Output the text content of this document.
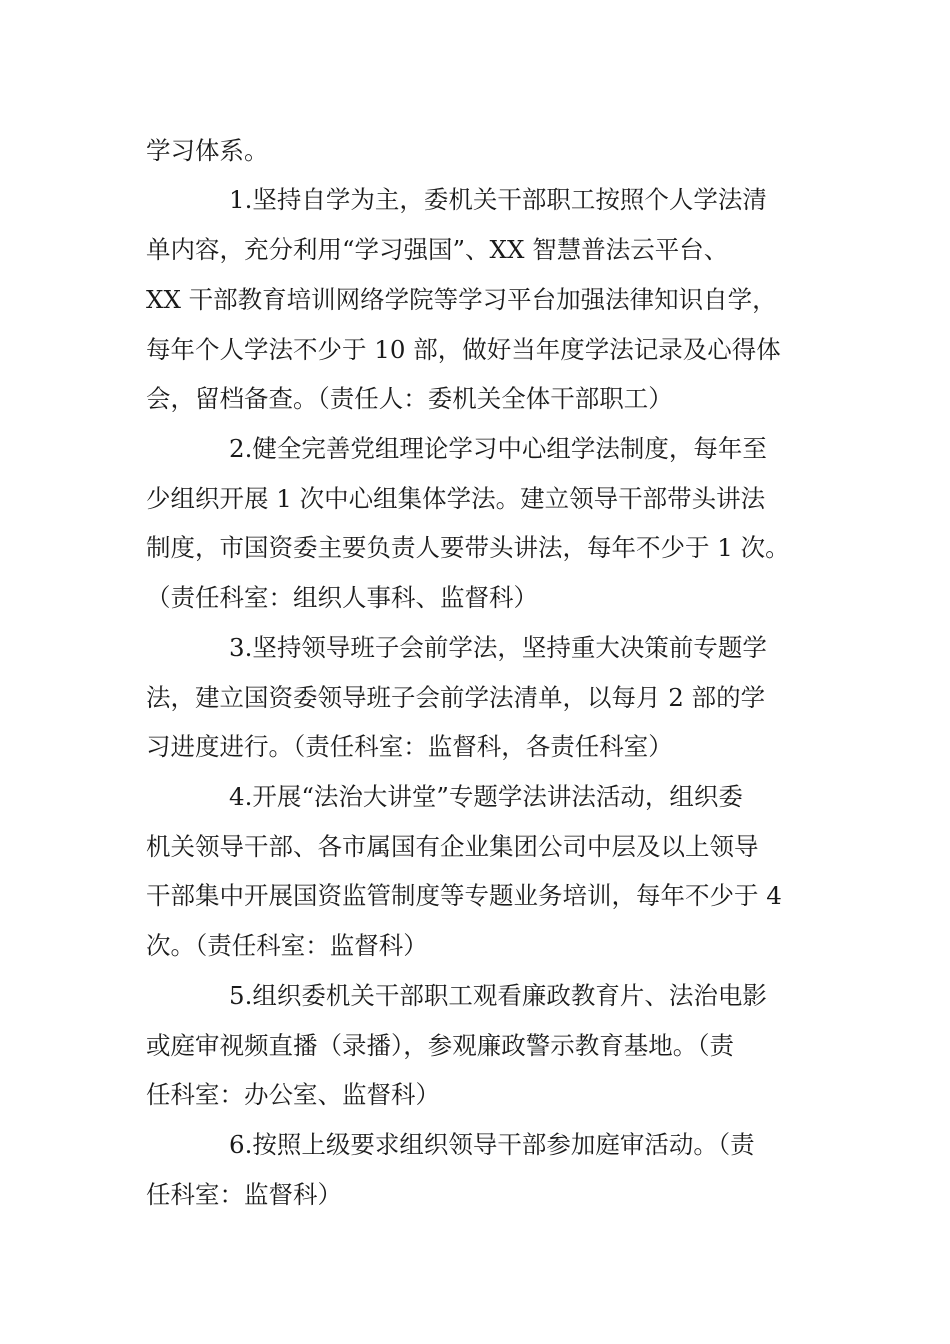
学习体系。
1.坚持自学为主，委机关干部职工按照个人学法清
单内容，充分利用“学习强国”、XX 智慧普法云平台、
XX 干部教育培训网络学院等学习平台加强法律知识自学，
每年个人学法不少于 10 部，做好当年度学法记录及心得体
会，留档备查。（责任人：委机关全体干部职工）
2.健全完善党组理论学习中心组学法制度，每年至
少组织开展 1 次中心组集体学法。建立领导干部带头讲法
制度，市国资委主要负责人要带头讲法，每年不少于 1 次。
（责任科室：组织人事科、监督科）
3.坚持领导班子会前学法，坚持重大决策前专题学
法，建立国资委领导班子会前学法清单，以每月 2 部的学
习进度进行。（责任科室：监督科，各责任科室）
4.开展“法治大讲堂”专题学法讲法活动，组织委
机关领导干部、各市属国有企业集团公司中层及以上领导
干部集中开展国资监管制度等专题业务培训，每年不少于 4
次。（责任科室：监督科）
5.组织委机关干部职工观看廉政教育片、法治电影
或庭审视频直播（录播），参观廉政警示教育基地。（责
任科室：办公室、监督科）
6.按照上级要求组织领导干部参加庭审活动。（责
任科室：监督科）
